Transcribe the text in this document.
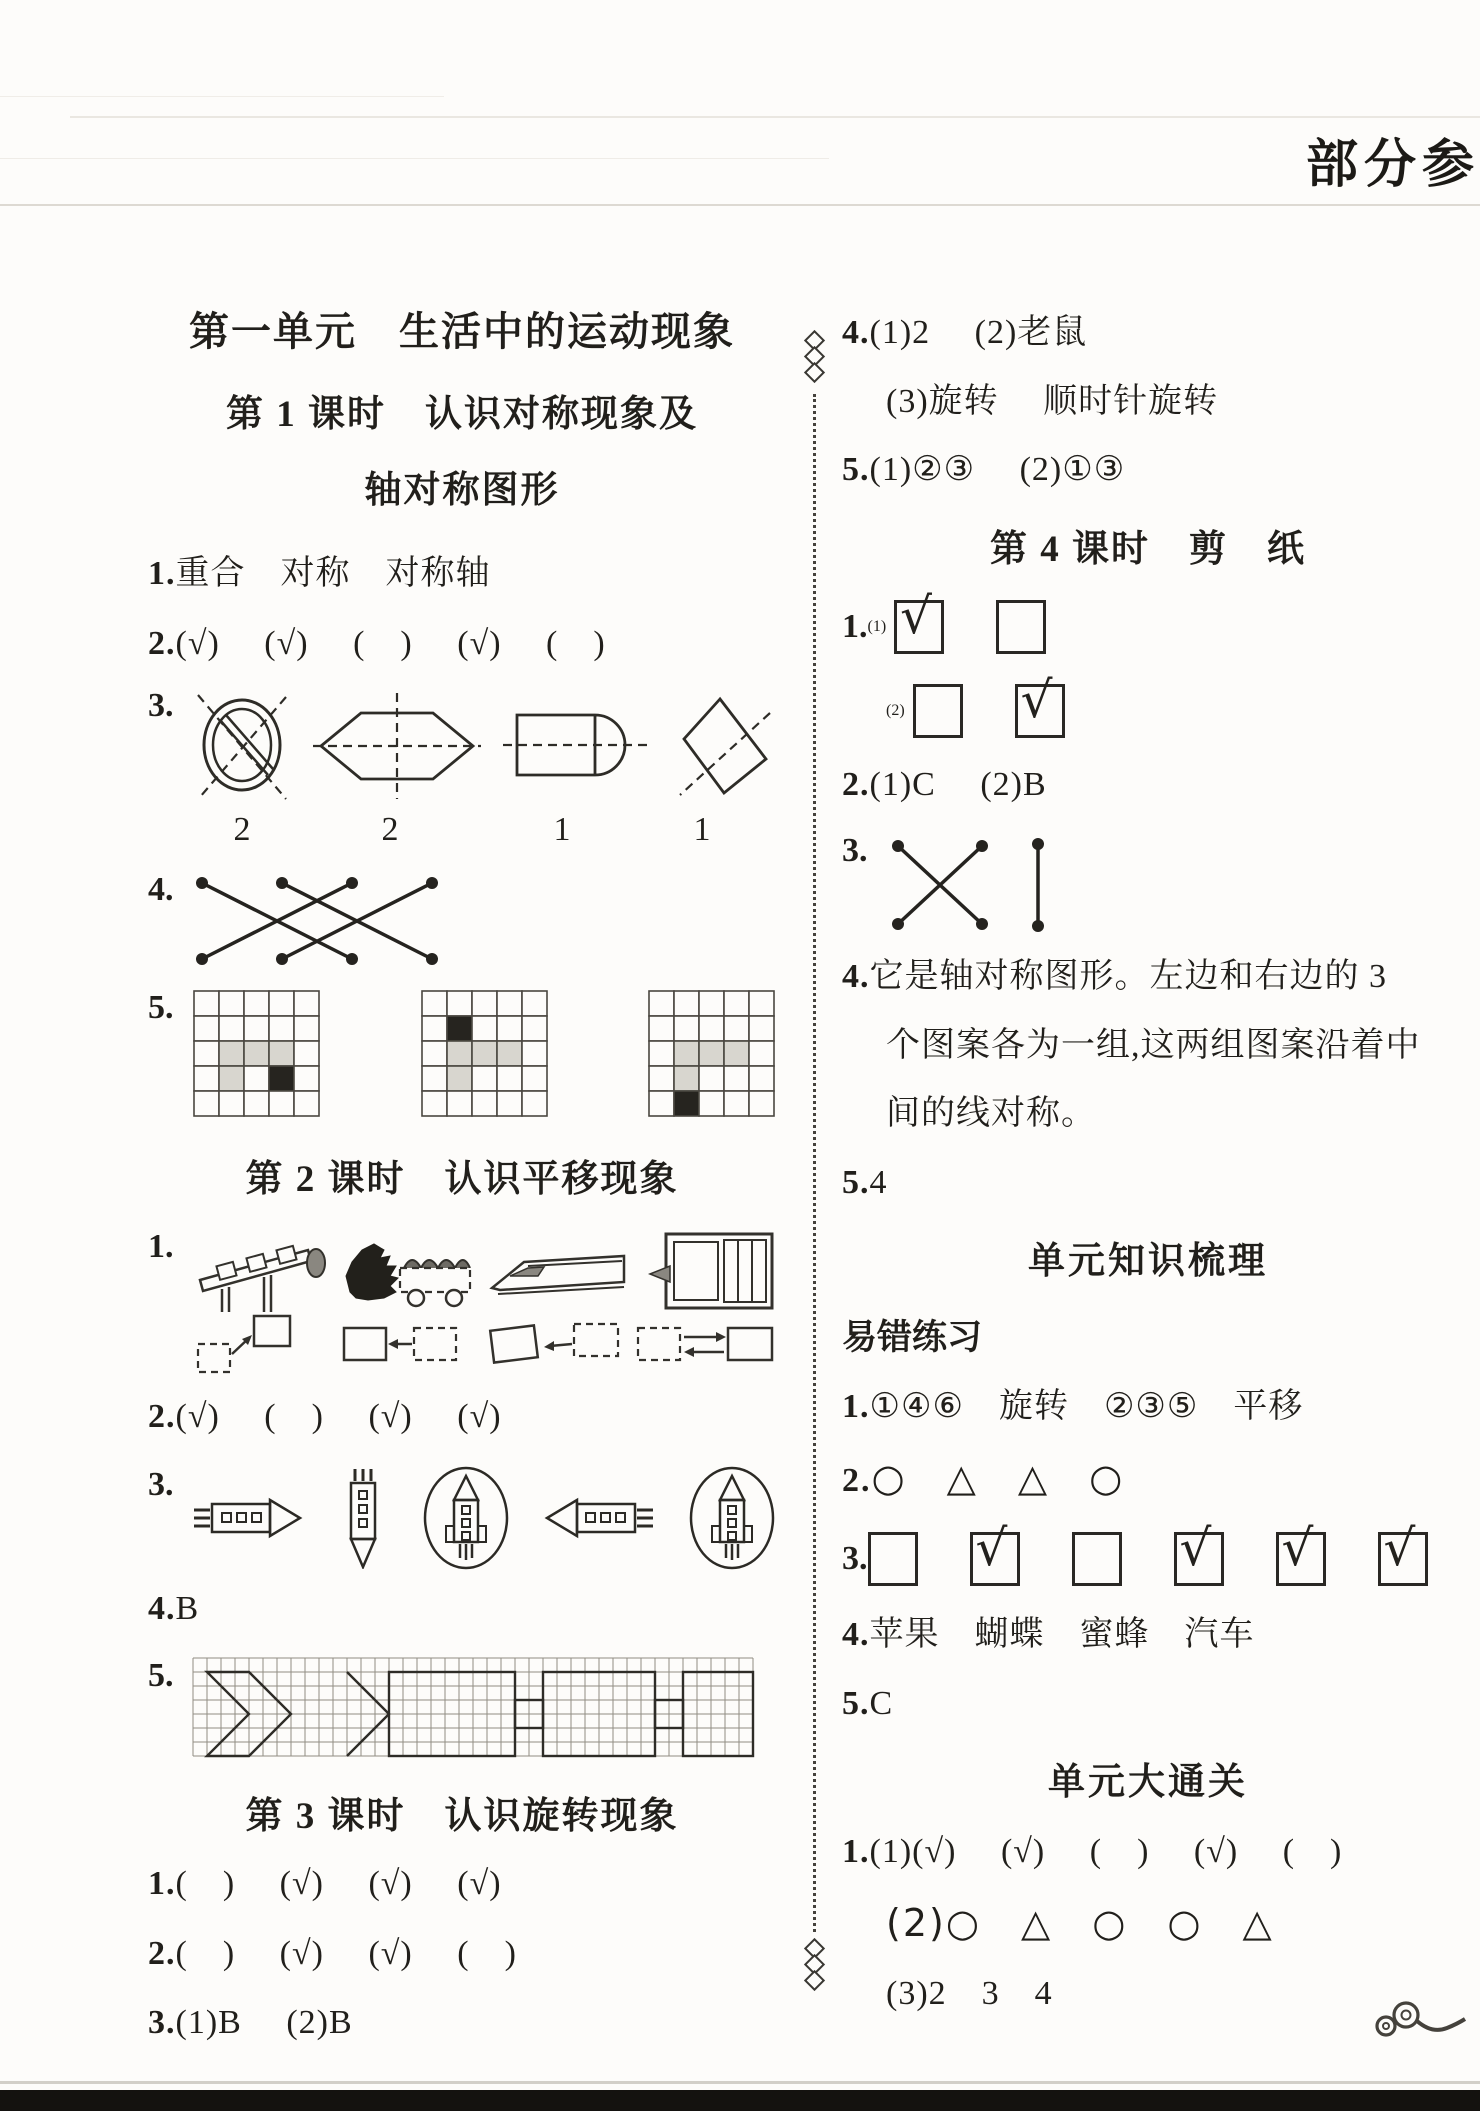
部分参
第一单元　生活中的运动现象
第 1 课时　认识对称现象及
轴对称图形
1.重合　对称　对称轴
2.(√)　 (√)　 (　)　 (√)　 (　)
3.
2	2	1	1
4.
5.
第 2 课时　认识平移现象
1.
2.(√)　 (　)　 (√)　 (√)
3.
4.B
5.
第 3 课时　认识旋转现象
1.(　)　 (√)　 (√)　 (√)
2.(　)　 (√)　 (√)　 (　)
3.(1)B　 (2)B
4.(1)2　 (2)老鼠
(3)旋转　 顺时针旋转
5.(1)②③　 (2)①③
第 4 课时　剪　纸
1. (1) √
(2) √
2.(1)C　 (2)B
3.
4.它是轴对称图形。左边和右边的 3
个图案各为一组,这两组图案沿着中
间的线对称。
5.4
单元知识梳理
易错练习
1.①④⑥　旋转　②③⑤　平移
2.○　△　△　○
3. √	√ √ √
4.苹果　蝴蝶　蜜蜂　汽车
5.C
单元大通关
1.(1)(√)　 (√)　 (　)　 (√)　 (　)
(2)○　△　○　○　△
(3)2　3　4
